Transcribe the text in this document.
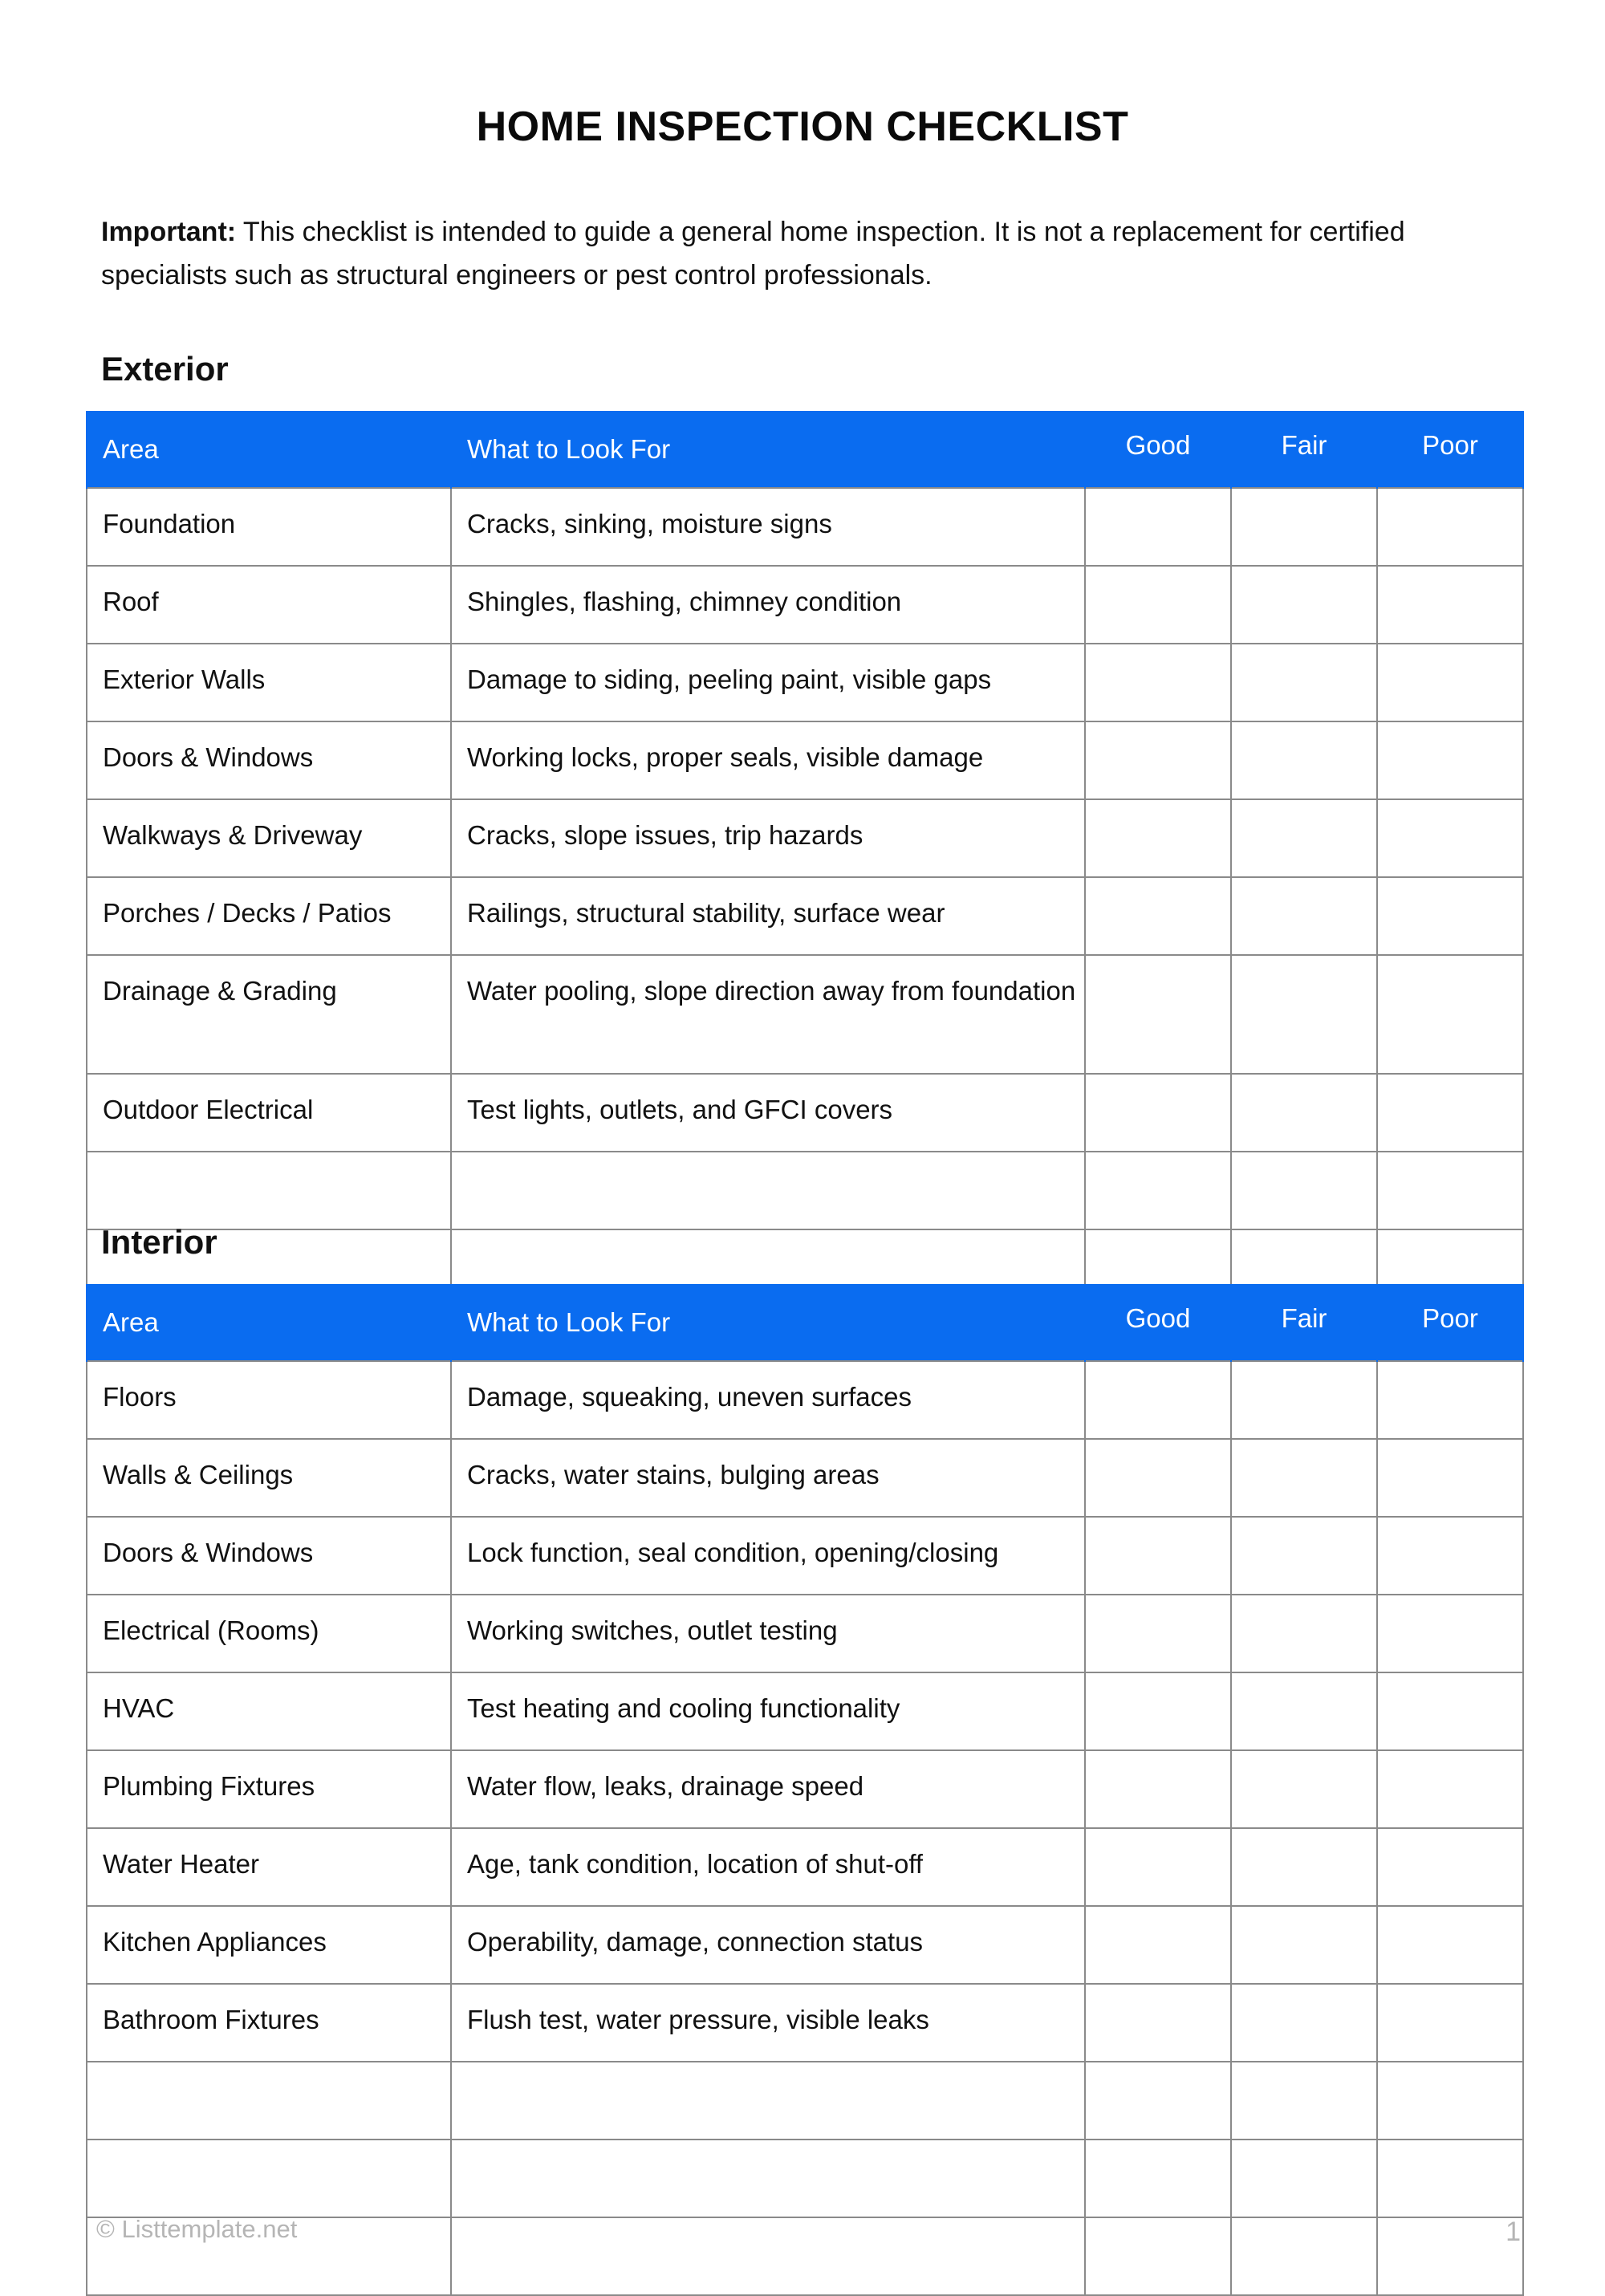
HOME INSPECTION CHECKLIST
Important: This checklist is intended to guide a general home inspection. It is not a replacement for certified specialists such as structural engineers or pest control professionals.
Exterior
Area	What to Look For	Good	Fair	Poor
Foundation	Cracks, sinking, moisture signs			
Roof	Shingles, flashing, chimney condition			
Exterior Walls	Damage to siding, peeling paint, visible gaps			
Doors & Windows	Working locks, proper seals, visible damage			
Walkways & Driveway	Cracks, slope issues, trip hazards			
Porches / Decks / Patios	Railings, structural stability, surface wear			
Drainage & Grading	Water pooling, slope direction away from foundation			
Outdoor Electrical	Test lights, outlets, and GFCI covers			

Interior
Area	What to Look For	Good	Fair	Poor
Floors	Damage, squeaking, uneven surfaces			
Walls & Ceilings	Cracks, water stains, bulging areas			
Doors & Windows	Lock function, seal condition, opening/closing			
Electrical (Rooms)	Working switches, outlet testing			
HVAC	Test heating and cooling functionality			
Plumbing Fixtures	Water flow, leaks, drainage speed			
Water Heater	Age, tank condition, location of shut-off			
Kitchen Appliances	Operability, damage, connection status			
Bathroom Fixtures	Flush test, water pressure, visible leaks			

© Listtemplate.net	1
